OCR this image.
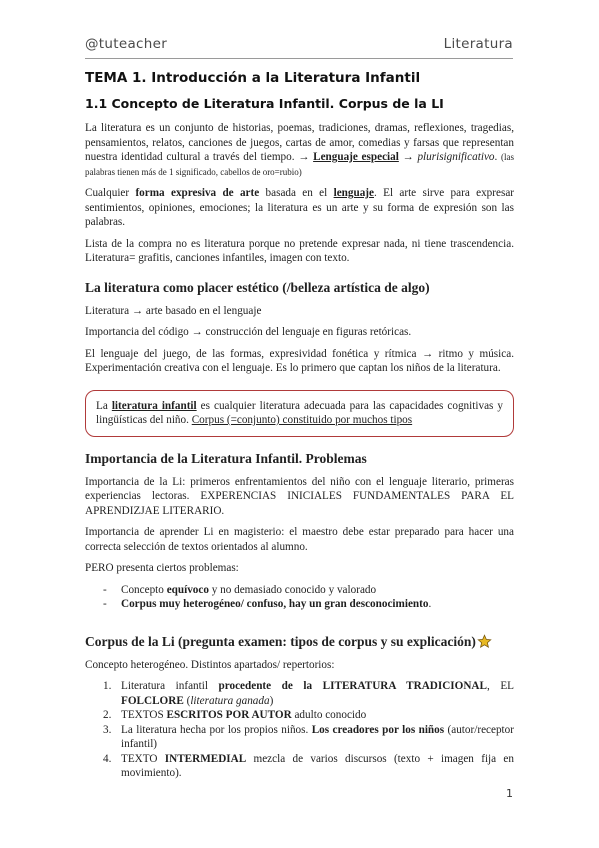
@tuteacher	Literatura
TEMA 1. Introducción a la Literatura Infantil
1.1 Concepto de Literatura Infantil. Corpus de la LI

La literatura es un conjunto de historias, poemas, tradiciones, dramas, reflexiones, tragedias, pensamientos, relatos, canciones de juegos, cartas de amor, comedias y farsas que representan nuestra identidad cultural a través del tiempo. → Lenguaje especial → plurisignificativo. (las palabras tienen más de 1 significado, cabellos de oro=rubio)

Cualquier forma expresiva de arte basada en el lenguaje. El arte sirve para expresar sentimientos, opiniones, emociones; la literatura es un arte y su forma de expresión son las palabras.

Lista de la compra no es literatura porque no pretende expresar nada, ni tiene trascendencia. Literatura= grafitis, canciones infantiles, imagen con texto.

La literatura como placer estético (/belleza artística de algo)

Literatura → arte basado en el lenguaje

Importancia del código → construcción del lenguaje en figuras retóricas.

El lenguaje del juego, de las formas, expresividad fonética y rítmica → ritmo y música. Experimentación creativa con el lenguaje. Es lo primero que captan los niños de la literatura.

La literatura infantil es cualquier literatura adecuada para las capacidades cognitivas y lingüísticas del niño. Corpus (=conjunto) constituido por muchos tipos
Importancia de la Literatura Infantil. Problemas

Importancia de la Li: primeros enfrentamientos del niño con el lenguaje literario, primeras experiencias lectoras. EXPERENCIAS INICIALES FUNDAMENTALES PARA EL APRENDIZJAE LITERARIO.

Importancia de aprender Li en magisterio: el maestro debe estar preparado para hacer una correcta selección de textos orientados al alumno.

PERO presenta ciertos problemas:

- Concepto equívoco y no demasiado conocido y valorado
- Corpus muy heterogéneo/ confuso, hay un gran desconocimiento.
Corpus de la Li (pregunta examen: tipos de corpus y su explicación)

Concepto heterogéneo. Distintos apartados/ repertorios:

1. Literatura infantil procedente de la LITERATURA TRADICIONAL, EL FOLCLORE (literatura ganada)
2. TEXTOS ESCRITOS POR AUTOR adulto conocido
3. La literatura hecha por los propios niños. Los creadores por los niños (autor/receptor infantil)
4. TEXTO INTERMEDIAL mezcla de varios discursos (texto + imagen fija en movimiento).
1
